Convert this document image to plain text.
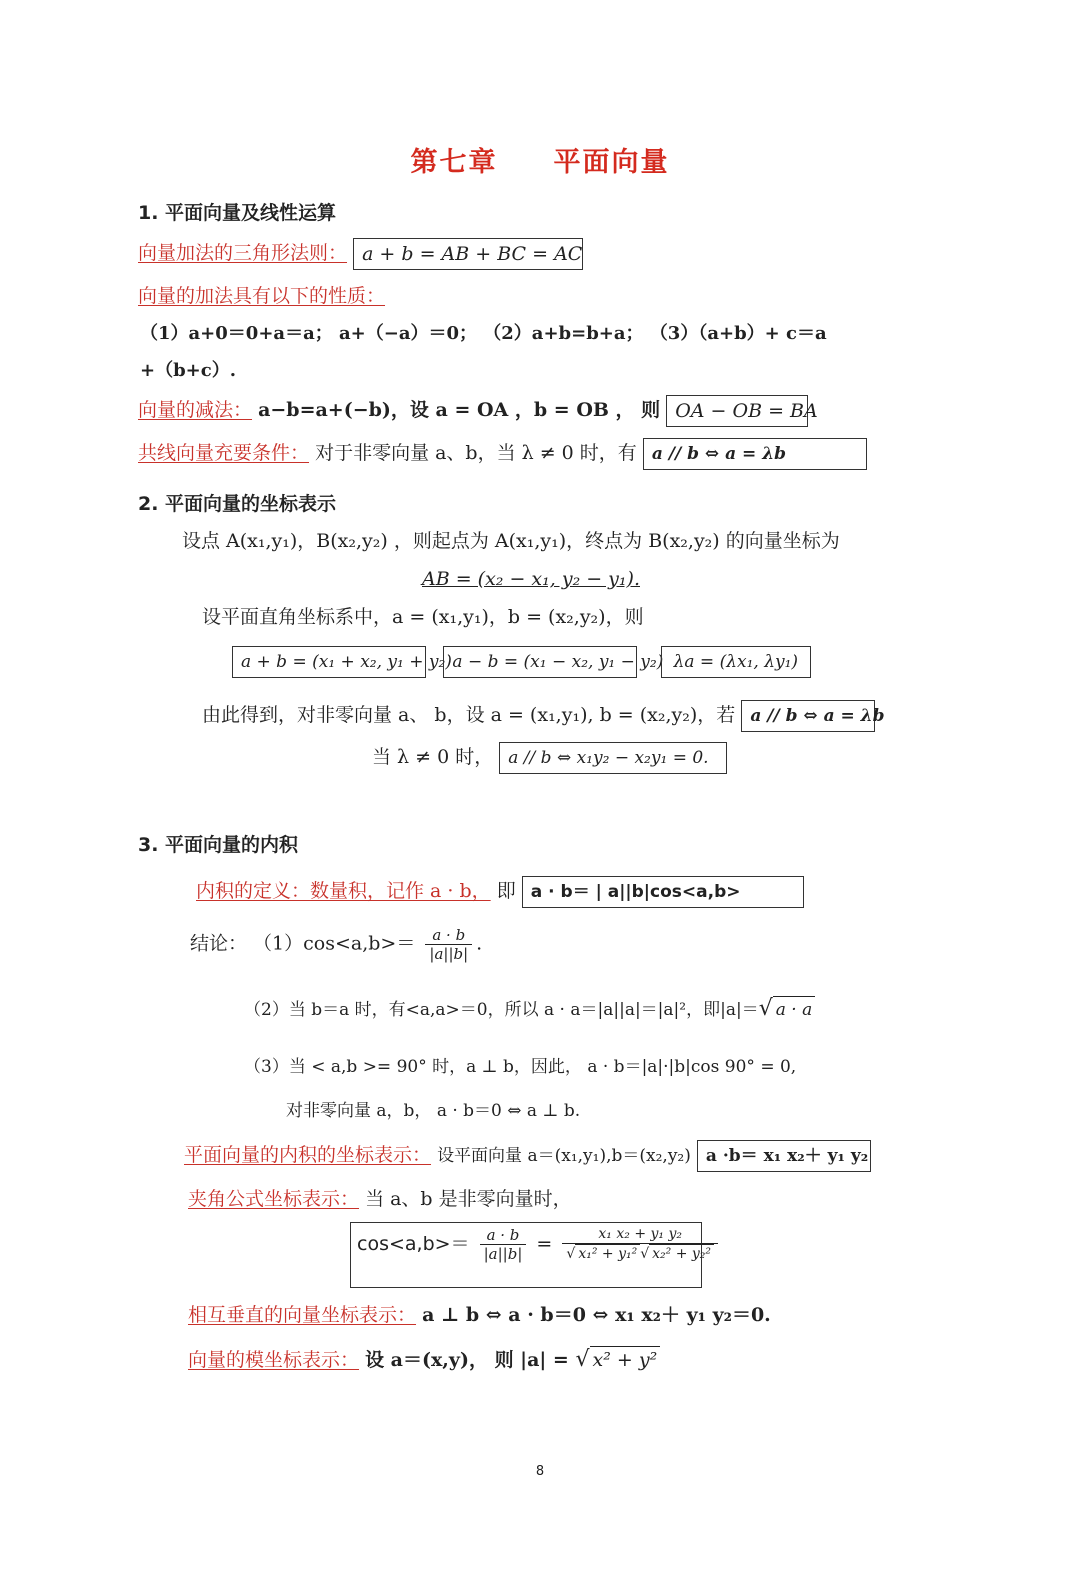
第七章 平面向量
1. 平面向量及线性运算
向量加法的三角形法则： a + b = AB + BC = AC
向量的加法具有以下的性质：
（1）a+0＝0+a＝a； a+（−a）＝0； （2）a+b=b+a； （3）（a+b）+ c＝a
+（b+c）.
向量的减法： a−b=a+(−b)，设 a = OA ，b = OB ， 则 OA − OB = BA
共线向量充要条件： 对于非零向量 a、b，当 λ ≠ 0 时，有 a // b ⇔ a = λb
2. 平面向量的坐标表示
设点 A(x₁,y₁)，B(x₂,y₂) ，则起点为 A(x₁,y₁)，终点为 B(x₂,y₂) 的向量坐标为
AB = (x₂ − x₁, y₂ − y₁).
设平面直角坐标系中，a = (x₁,y₁)，b = (x₂,y₂)，则
a + b = (x₁ + x₂, y₁ + y₂) a − b = (x₁ − x₂, y₁ − y₂) λa = (λx₁, λy₁)
由此得到，对非零向量 a、 b，设 a = (x₁,y₁), b = (x₂,y₂)，若 a // b ⇔ a = λb
当 λ ≠ 0 时， a // b ⇔ x₁y₂ − x₂y₁ = 0.
3. 平面向量的内积
内积的定义：数量积，记作 a · b， 即 a · b＝ | a||b|cos<a,b>
结论： $(1)\cos<a,b>= \frac{a \cdot b}{|a||b|}$ .
（2）当 b＝a 时，有<a,a>＝0，所以 a · a＝|a||a|＝|a|²，即|a|＝√ a · a
（3）当 < a,b >= 90° 时，a ⊥ b，因此， a · b＝|a|·|b|cos 90° = 0,
对非零向量 a，b， a · b＝0 ⇔ a ⊥ b.
平面向量的内积的坐标表示： 设平面向量 a＝(x₁,y₁),b＝(x₂,y₂) a ·b＝ x₁ x₂＋ y₁ y₂
夹角公式坐标表示： 当 a、b 是非零向量时，
$\cos<a,b>= \frac{a \cdot b}{|a||b|} = \frac{\text{x₁ x₂ + y₁ y₂}}{\text{√ x₁² + y₁² √ x₂² + y₂²}}$
相互垂直的向量坐标表示： a ⊥ b ⇔ a · b＝0 ⇔ x₁ x₂＋ y₁ y₂＝0.
向量的模坐标表示： 设 a＝(x,y)， 则 |a| = √ x² + y²
8
